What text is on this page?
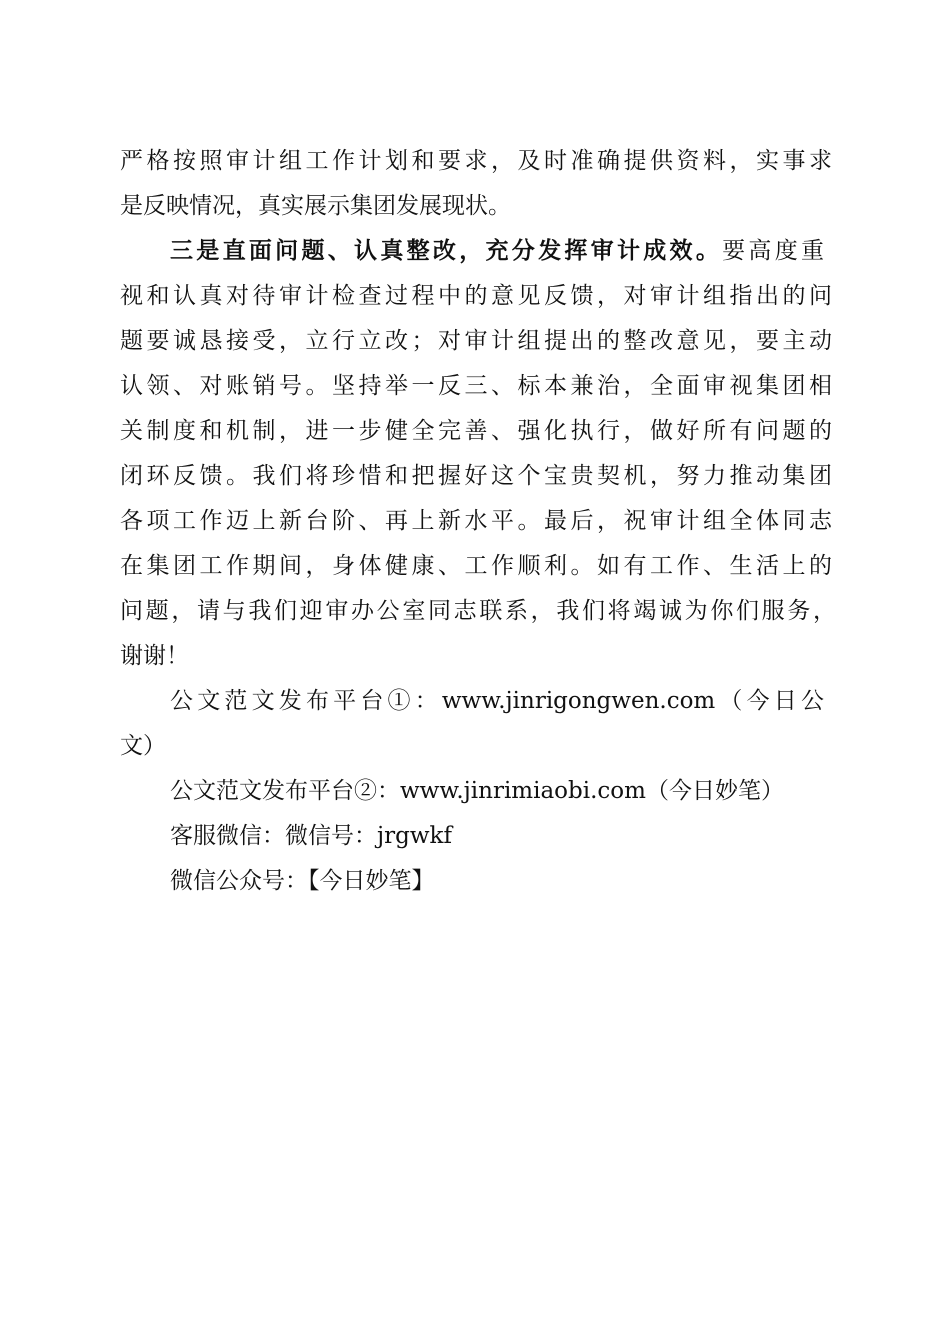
严格按照审计组工作计划和要求，及时准确提供资料，实事求
是反映情况，真实展示集团发展现状。
三是直面问题、认真整改，充分发挥审计成效。要高度重
视和认真对待审计检查过程中的意见反馈，对审计组指出的问
题要诚恳接受，立行立改；对审计组提出的整改意见，要主动
认领、对账销号。坚持举一反三、标本兼治，全面审视集团相
关制度和机制，进一步健全完善、强化执行，做好所有问题的
闭环反馈。我们将珍惜和把握好这个宝贵契机，努力推动集团
各项工作迈上新台阶、再上新水平。最后，祝审计组全体同志
在集团工作期间，身体健康、工作顺利。如有工作、生活上的
问题，请与我们迎审办公室同志联系，我们将竭诚为你们服务，
谢谢！
公文范文发布平台①：www.jinrigongwen.com（今日公
文）
公文范文发布平台②：www.jinrimiaobi.com（今日妙笔）
客服微信：微信号：jrgwkf
微信公众号：【今日妙笔】
